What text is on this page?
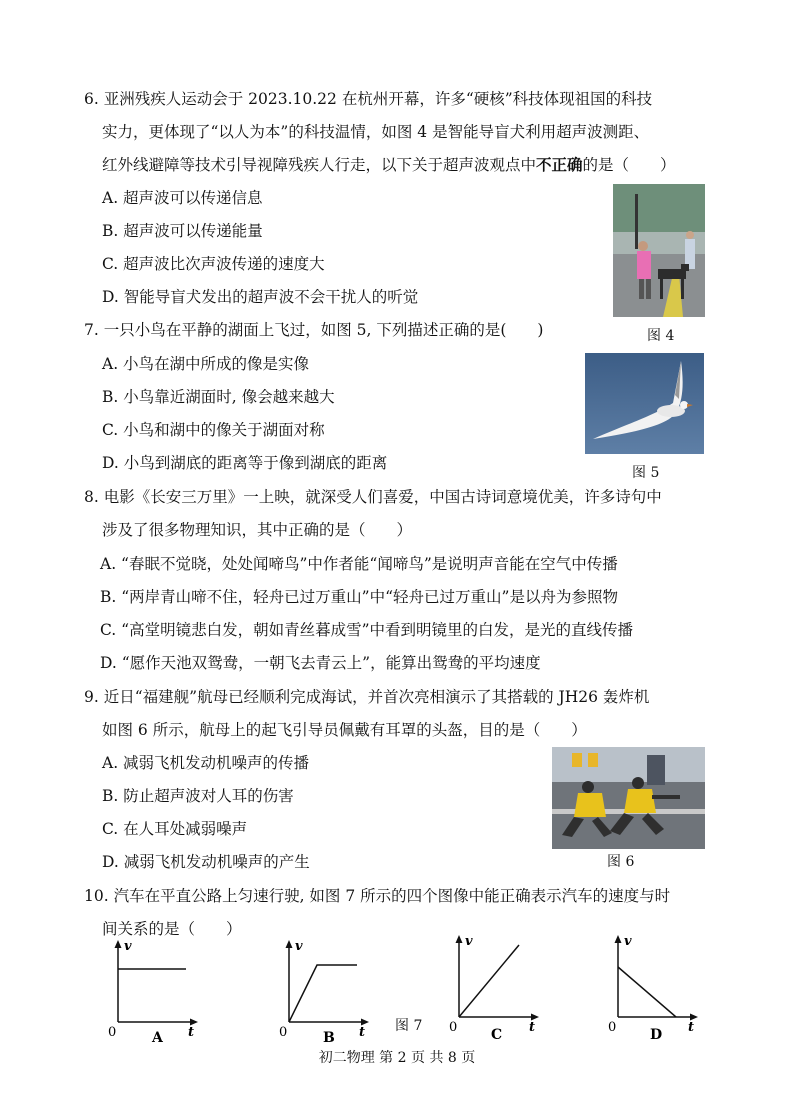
6. 亚洲残疾人运动会于 2023.10.22 在杭州开幕，许多“硬核”科技体现祖国的科技
实力，更体现了“以人为本”的科技温情，如图 4 是智能导盲犬利用超声波测距、
红外线避障等技术引导视障残疾人行走，以下关于超声波观点中不正确的是（　　）
A. 超声波可以传递信息
B. 超声波可以传递能量
C. 超声波比次声波传递的速度大
D. 智能导盲犬发出的超声波不会干扰人的听觉
图 4
7. 一只小鸟在平静的湖面上飞过，如图 5, 下列描述正确的是(　　)
A. 小鸟在湖中所成的像是实像
B. 小鸟靠近湖面时, 像会越来越大
C. 小鸟和湖中的像关于湖面对称
D. 小鸟到湖底的距离等于像到湖底的距离
图 5
8. 电影《长安三万里》一上映，就深受人们喜爱，中国古诗词意境优美，许多诗句中
涉及了很多物理知识，其中正确的是（　　）
A. “春眠不觉晓，处处闻啼鸟”中作者能“闻啼鸟”是说明声音能在空气中传播
B. “两岸青山啼不住，轻舟已过万重山”中“轻舟已过万重山”是以舟为参照物
C. “高堂明镜悲白发，朝如青丝暮成雪”中看到明镜里的白发，是光的直线传播
D. “愿作天池双鸳鸯，一朝飞去青云上”，能算出鸳鸯的平均速度
9. 近日“福建舰”航母已经顺利完成海试，并首次亮相演示了其搭载的 JH26 轰炸机
如图 6 所示，航母上的起飞引导员佩戴有耳罩的头盔，目的是（　　）
A. 减弱飞机发动机噪声的传播
B. 防止超声波对人耳的伤害
C. 在人耳处减弱噪声
D. 减弱飞机发动机噪声的产生	图 6
10. 汽车在平直公路上匀速行驶, 如图 7 所示的四个图像中能正确表示汽车的速度与时
间关系的是（　　）
v
t
0	A
v
t
0	B
图 7
v
t
0 C
v
t
0 D
初二物理 第 2 页 共 8 页
